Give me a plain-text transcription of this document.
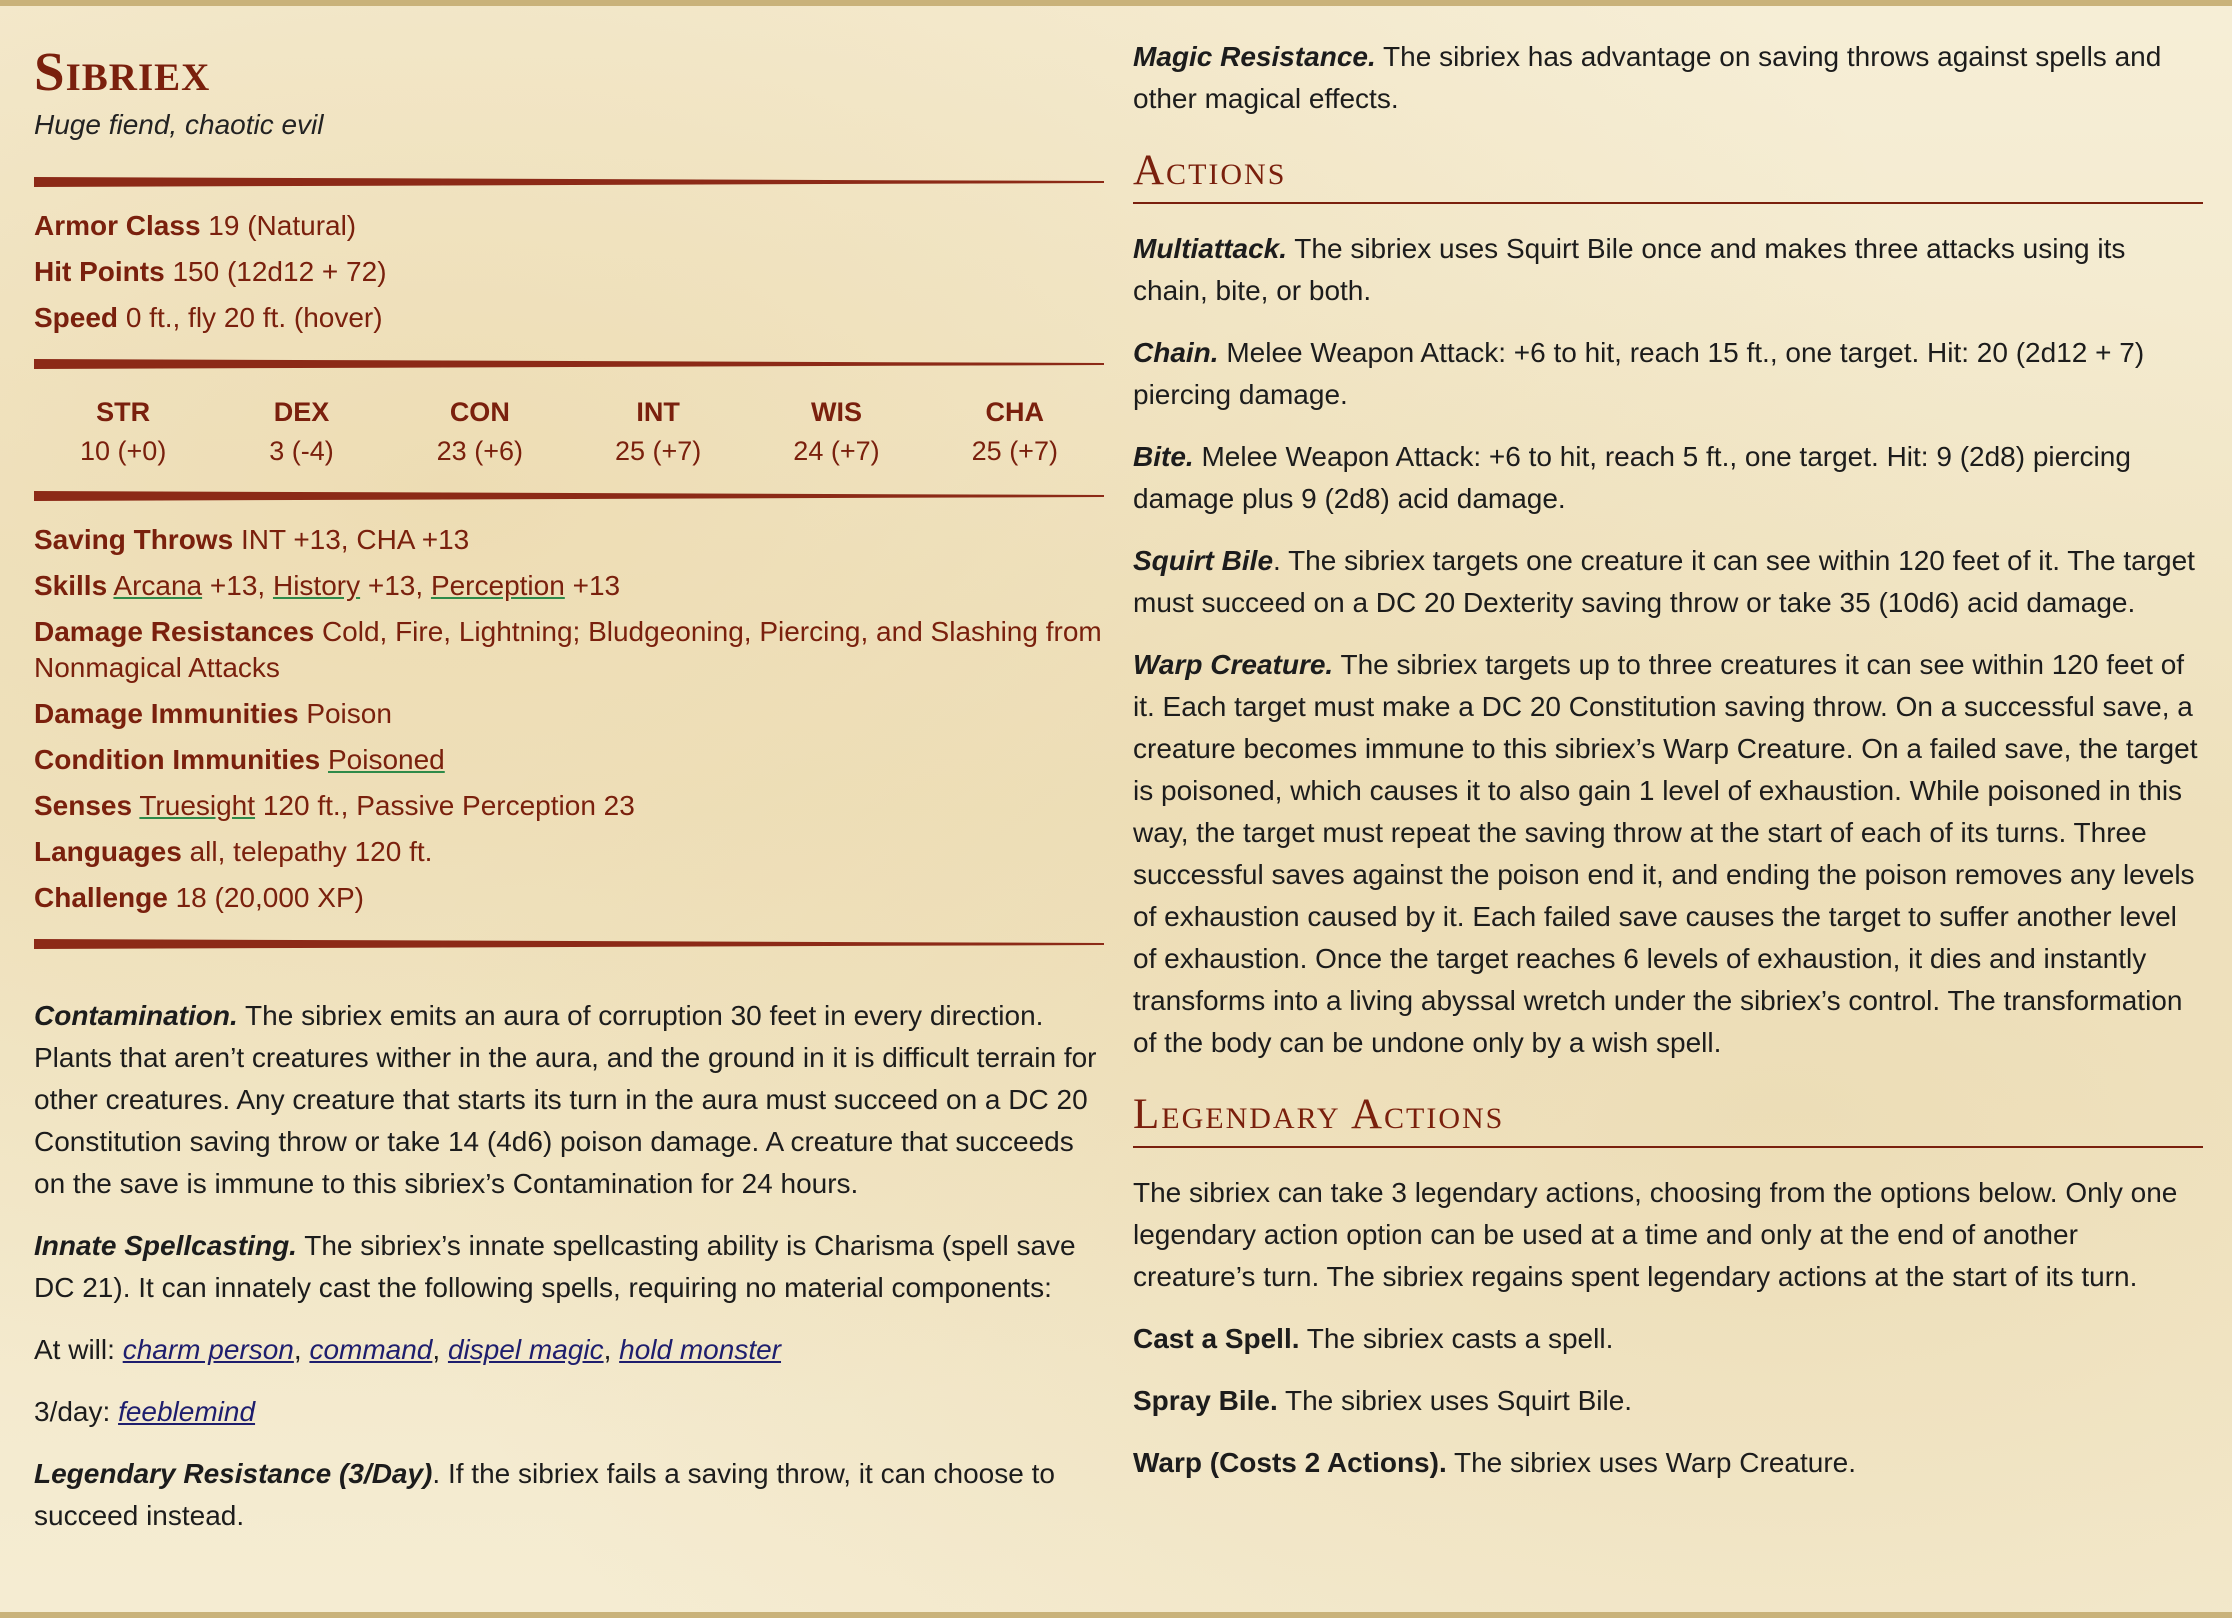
Sibriex
Huge fiend, chaotic evil
Armor Class 19 (Natural)
Hit Points 150 (12d12 + 72)
Speed 0 ft., fly 20 ft. (hover)
STR
10 (+0)
DEX
3 (-4)
CON
23 (+6)
INT
25 (+7)
WIS
24 (+7)
CHA
25 (+7)
Saving Throws INT +13, CHA +13
Skills Arcana +13, History +13, Perception +13
Damage Resistances Cold, Fire, Lightning; Bludgeoning, Piercing, and Slashing from Nonmagical Attacks
Damage Immunities Poison
Condition Immunities Poisoned
Senses Truesight 120 ft., Passive Perception 23
Languages all, telepathy 120 ft.
Challenge 18 (20,000 XP)

Contamination. The sibriex emits an aura of corruption 30 feet in every direction. Plants that aren’t creatures wither in the aura, and the ground in it is difficult terrain for other creatures. Any creature that starts its turn in the aura must succeed on a DC 20 Constitution saving throw or take 14 (4d6) poison damage. A creature that succeeds on the save is immune to this sibriex’s Contamination for 24 hours.

Innate Spellcasting. The sibriex’s innate spellcasting ability is Charisma (spell save DC 21). It can innately cast the following spells, requiring no material components:

At will: charm person, command, dispel magic, hold monster

3/day: feeblemind

Legendary Resistance (3/Day). If the sibriex fails a saving throw, it can choose to succeed instead.

Magic Resistance. The sibriex has advantage on saving throws against spells and other magical effects.

Actions

Multiattack. The sibriex uses Squirt Bile once and makes three attacks using its chain, bite, or both.

Chain. Melee Weapon Attack: +6 to hit, reach 15 ft., one target. Hit: 20 (2d12 + 7) piercing damage.

Bite. Melee Weapon Attack: +6 to hit, reach 5 ft., one target. Hit: 9 (2d8) piercing damage plus 9 (2d8) acid damage.

Squirt Bile. The sibriex targets one creature it can see within 120 feet of it. The target must succeed on a DC 20 Dexterity saving throw or take 35 (10d6) acid damage.

Warp Creature. The sibriex targets up to three creatures it can see within 120 feet of it. Each target must make a DC 20 Constitution saving throw. On a successful save, a creature becomes immune to this sibriex’s Warp Creature. On a failed save, the target is poisoned, which causes it to also gain 1 level of exhaustion. While poisoned in this way, the target must repeat the saving throw at the start of each of its turns. Three successful saves against the poison end it, and ending the poison removes any levels of exhaustion caused by it. Each failed save causes the target to suffer another level of exhaustion. Once the target reaches 6 levels of exhaustion, it dies and instantly transforms into a living abyssal wretch under the sibriex’s control. The transformation of the body can be undone only by a wish spell.

Legendary Actions

The sibriex can take 3 legendary actions, choosing from the options below. Only one legendary action option can be used at a time and only at the end of another creature’s turn. The sibriex regains spent legendary actions at the start of its turn.

Cast a Spell. The sibriex casts a spell.

Spray Bile. The sibriex uses Squirt Bile.

Warp (Costs 2 Actions). The sibriex uses Warp Creature.
